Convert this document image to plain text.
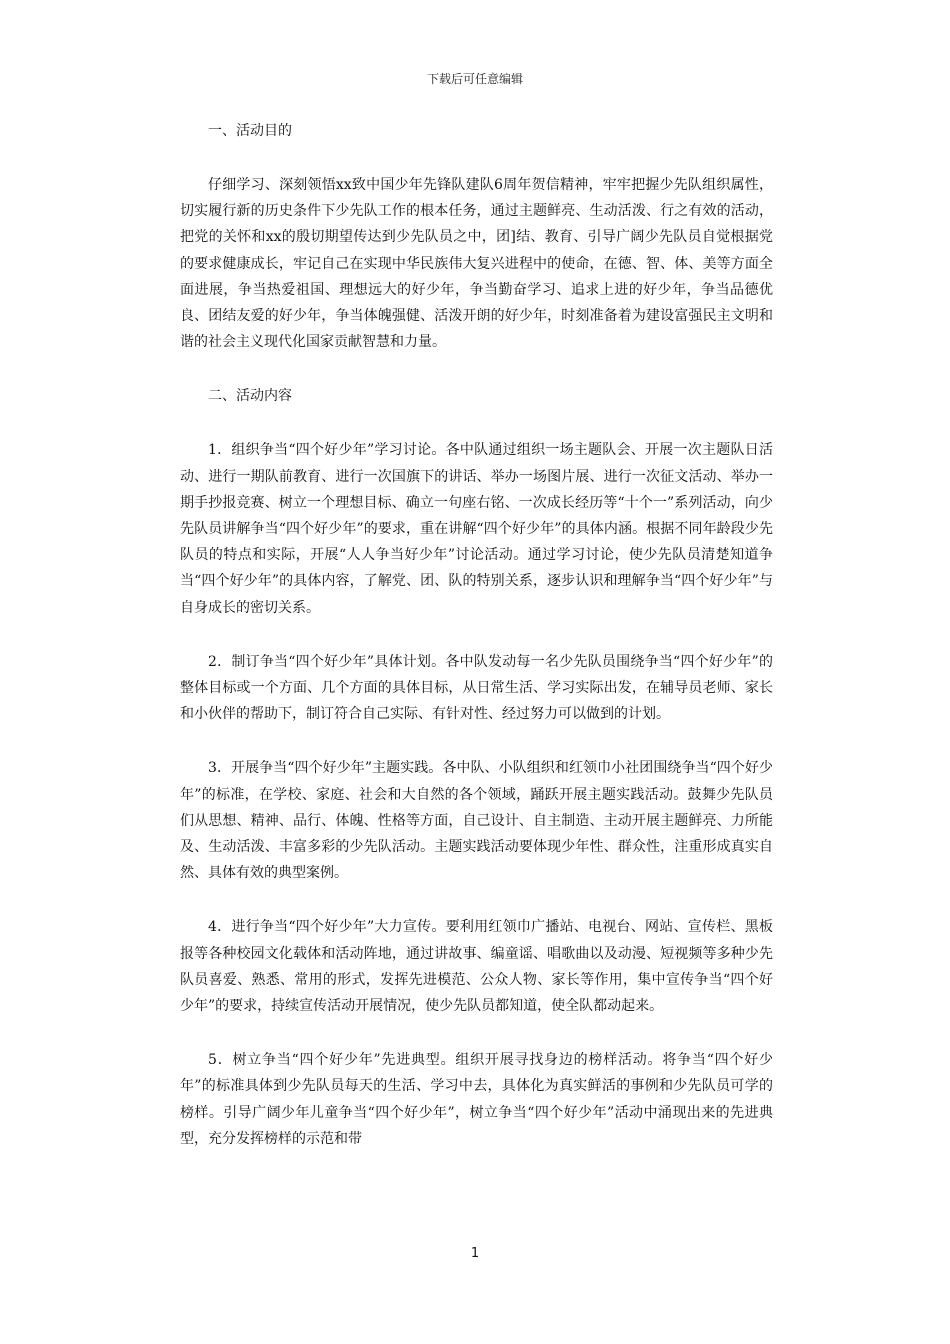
下载后可任意编辑

一、活动目的

仔细学习、深刻领悟xx致中国少年先锋队建队6周年贺信精神，牢牢把握少先队组织属性，切实履行新的历史条件下少先队工作的根本任务，通过主题鲜亮、生动活泼、行之有效的活动，把党的关怀和xx的殷切期望传达到少先队员之中，团]结、教育、引导广阔少先队员自觉根据党的要求健康成长，牢记自己在实现中华民族伟大复兴进程中的使命，在德、智、体、美等方面全面进展，争当热爱祖国、理想远大的好少年，争当勤奋学习、追求上进的好少年，争当品德优良、团结友爱的好少年，争当体魄强健、活泼开朗的好少年，时刻准备着为建设富强民主文明和谐的社会主义现代化国家贡献智慧和力量。

二、活动内容

1．组织争当“四个好少年”学习讨论。各中队通过组织一场主题队会、开展一次主题队日活动、进行一期队前教育、进行一次国旗下的讲话、举办一场图片展、进行一次征文活动、举办一期手抄报竞赛、树立一个理想目标、确立一句座右铭、一次成长经历等“十个一”系列活动，向少先队员讲解争当“四个好少年”的要求，重在讲解“四个好少年”的具体内涵。根据不同年龄段少先队员的特点和实际，开展“人人争当好少年”讨论活动。通过学习讨论，使少先队员清楚知道争当“四个好少年”的具体内容，了解党、团、队的特别关系，逐步认识和理解争当“四个好少年”与自身成长的密切关系。

2．制订争当“四个好少年”具体计划。各中队发动每一名少先队员围绕争当“四个好少年”的整体目标或一个方面、几个方面的具体目标，从日常生活、学习实际出发，在辅导员老师、家长和小伙伴的帮助下，制订符合自己实际、有针对性、经过努力可以做到的计划。

3．开展争当“四个好少年”主题实践。各中队、小队组织和红领巾小社团围绕争当“四个好少年”的标准，在学校、家庭、社会和大自然的各个领域，踊跃开展主题实践活动。鼓舞少先队员们从思想、精神、品行、体魄、性格等方面，自己设计、自主制造、主动开展主题鲜亮、力所能及、生动活泼、丰富多彩的少先队活动。主题实践活动要体现少年性、群众性，注重形成真实自然、具体有效的典型案例。

4．进行争当“四个好少年”大力宣传。要利用红领巾广播站、电视台、网站、宣传栏、黑板报等各种校园文化载体和活动阵地，通过讲故事、编童谣、唱歌曲以及动漫、短视频等多种少先队员喜爱、熟悉、常用的形式，发挥先进模范、公众人物、家长等作用，集中宣传争当“四个好少年”的要求，持续宣传活动开展情况，使少先队员都知道，使全队都动起来。

5．树立争当“四个好少年”先进典型。组织开展寻找身边的榜样活动。将争当“四个好少年”的标准具体到少先队员每天的生活、学习中去，具体化为真实鲜活的事例和少先队员可学的榜样。引导广阔少年儿童争当“四个好少年”，树立争当“四个好少年”活动中涌现出来的先进典型，充分发挥榜样的示范和带

1
